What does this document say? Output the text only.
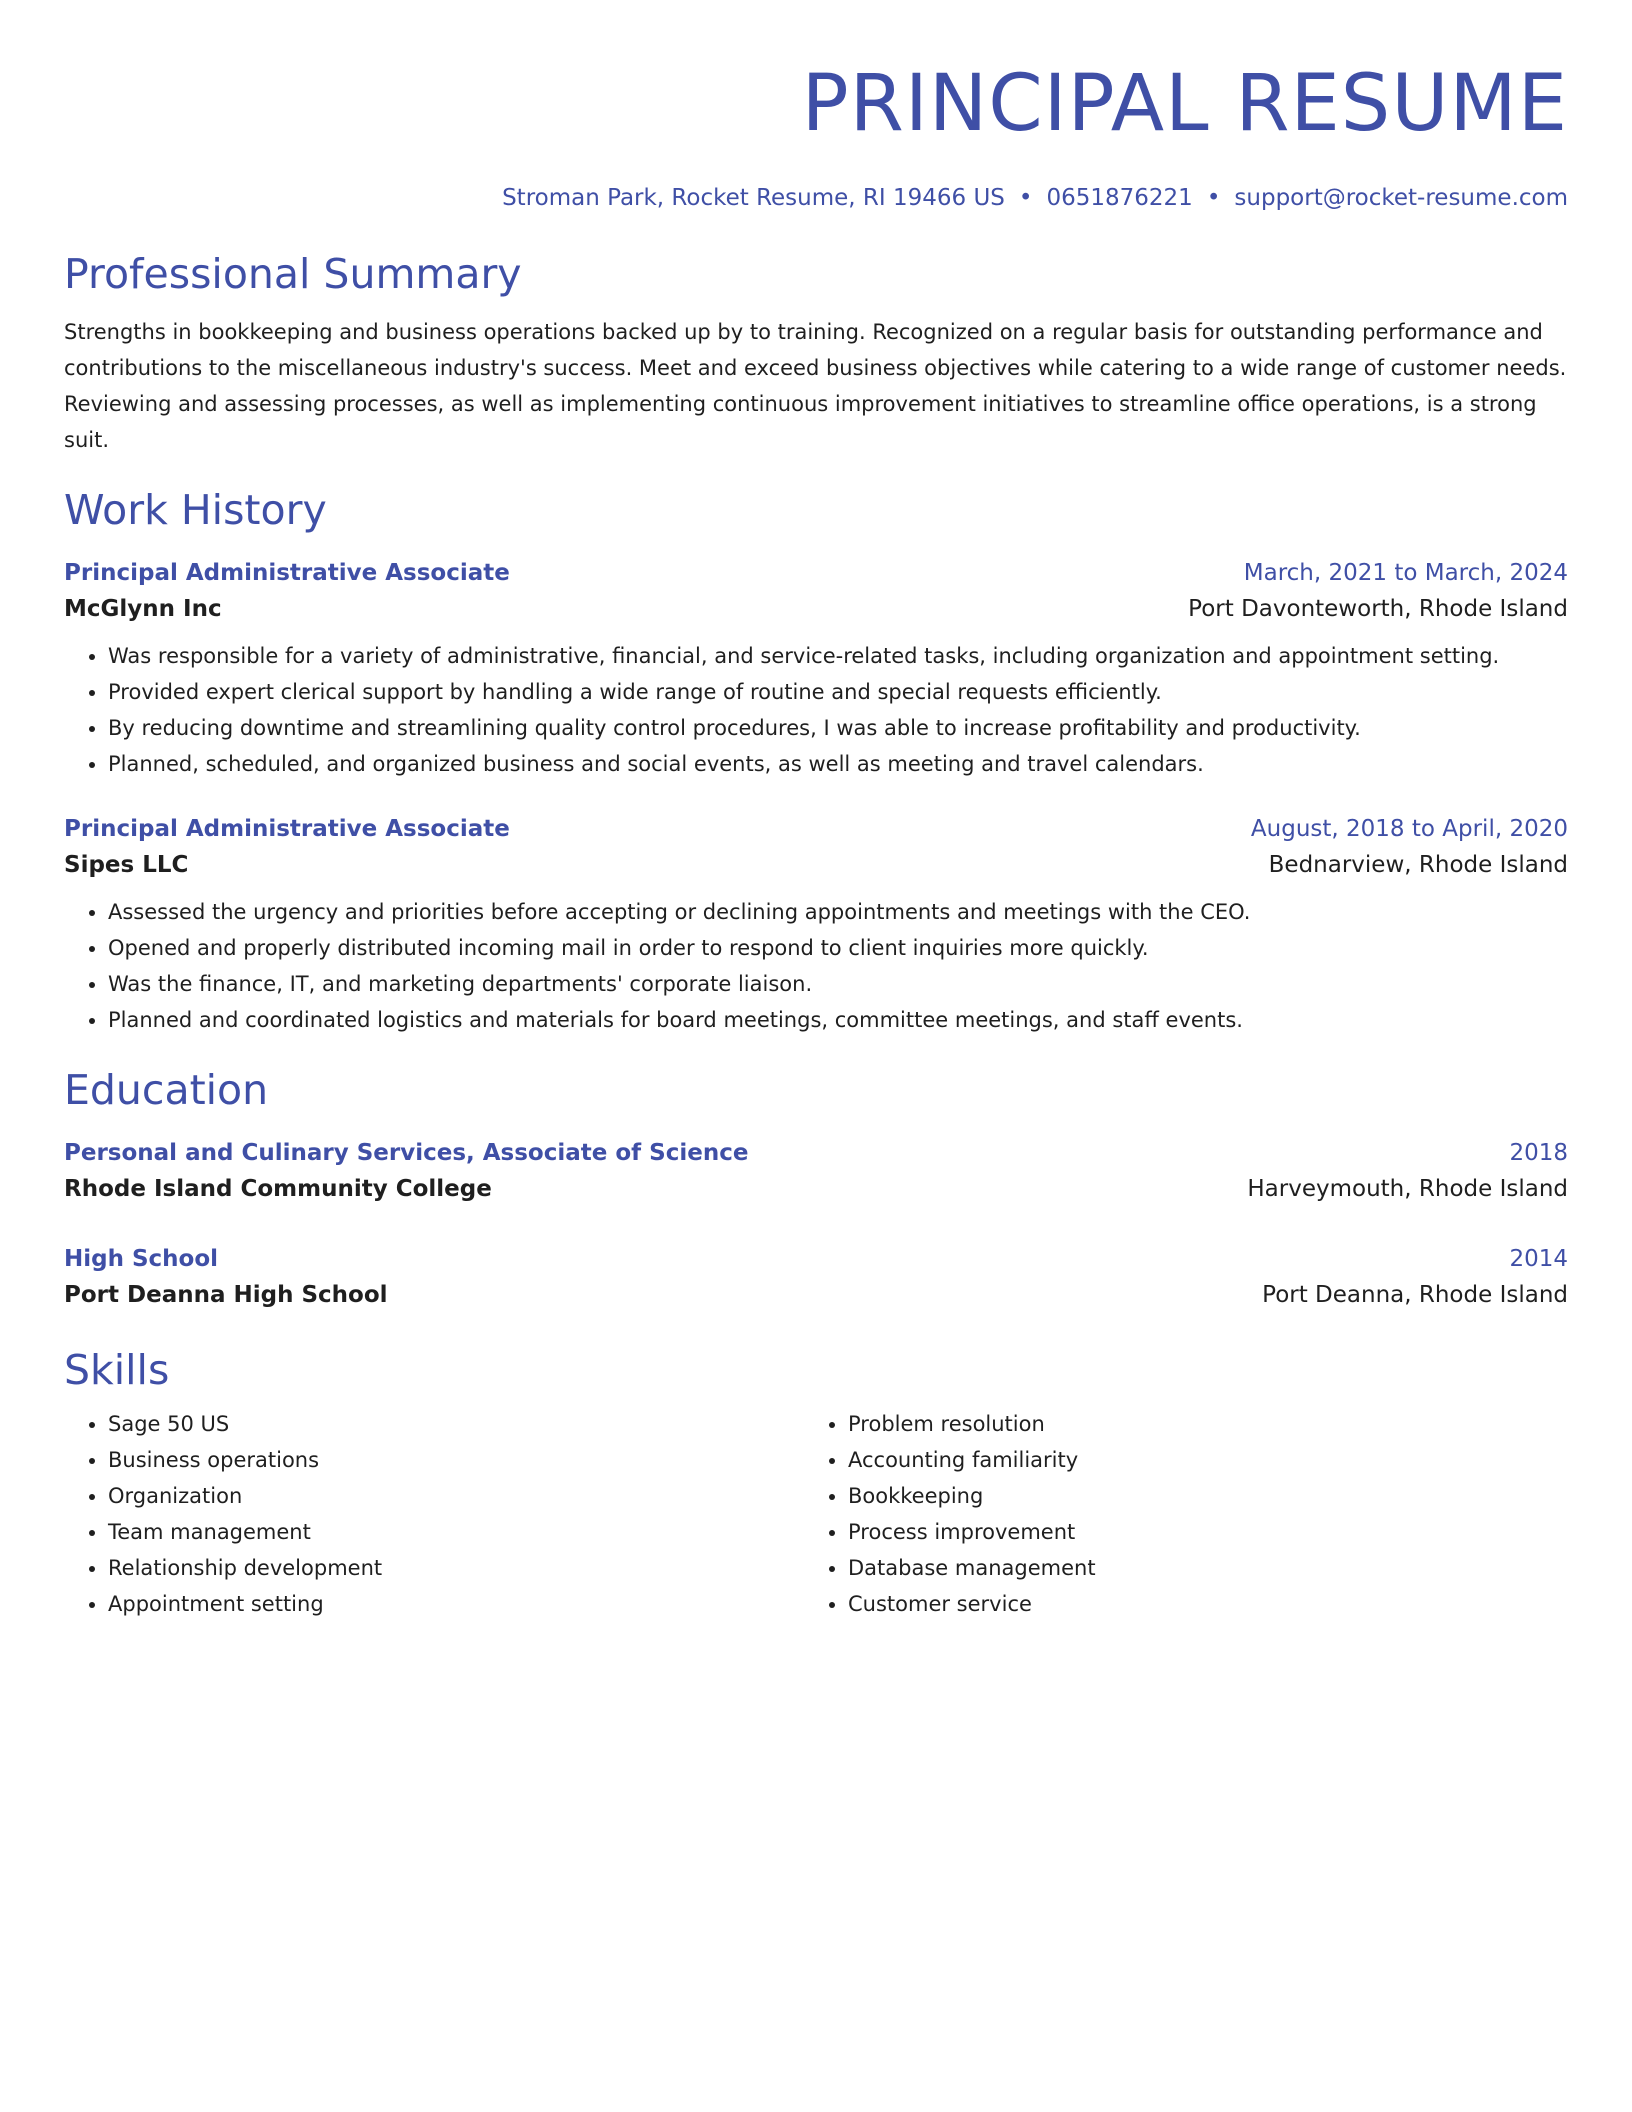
PRINCIPAL RESUME
Stroman Park, Rocket Resume, RI 19466 US • 0651876221 • support@rocket-resume.com
Professional Summary
Strengths in bookkeeping and business operations backed up by to training. Recognized on a regular basis for outstanding performance and contributions to the miscellaneous industry's success. Meet and exceed business objectives while catering to a wide range of customer needs. Reviewing and assessing processes, as well as implementing continuous improvement initiatives to streamline office operations, is a strong suit.
Work History
Principal Administrative Associate	March, 2021 to March, 2024
McGlynn Inc	Port Davonteworth, Rhode Island
• Was responsible for a variety of administrative, financial, and service-related tasks, including organization and appointment setting.
• Provided expert clerical support by handling a wide range of routine and special requests efficiently.
• By reducing downtime and streamlining quality control procedures, I was able to increase profitability and productivity.
• Planned, scheduled, and organized business and social events, as well as meeting and travel calendars.
Principal Administrative Associate	August, 2018 to April, 2020
Sipes LLC	Bednarview, Rhode Island
• Assessed the urgency and priorities before accepting or declining appointments and meetings with the CEO.
• Opened and properly distributed incoming mail in order to respond to client inquiries more quickly.
• Was the finance, IT, and marketing departments' corporate liaison.
• Planned and coordinated logistics and materials for board meetings, committee meetings, and staff events.
Education
Personal and Culinary Services, Associate of Science	2018
Rhode Island Community College	Harveymouth, Rhode Island
High School	2014
Port Deanna High School	Port Deanna, Rhode Island
Skills
• Sage 50 US
• Business operations
• Organization
• Team management
• Relationship development
• Appointment setting
• Problem resolution
• Accounting familiarity
• Bookkeeping
• Process improvement
• Database management
• Customer service
